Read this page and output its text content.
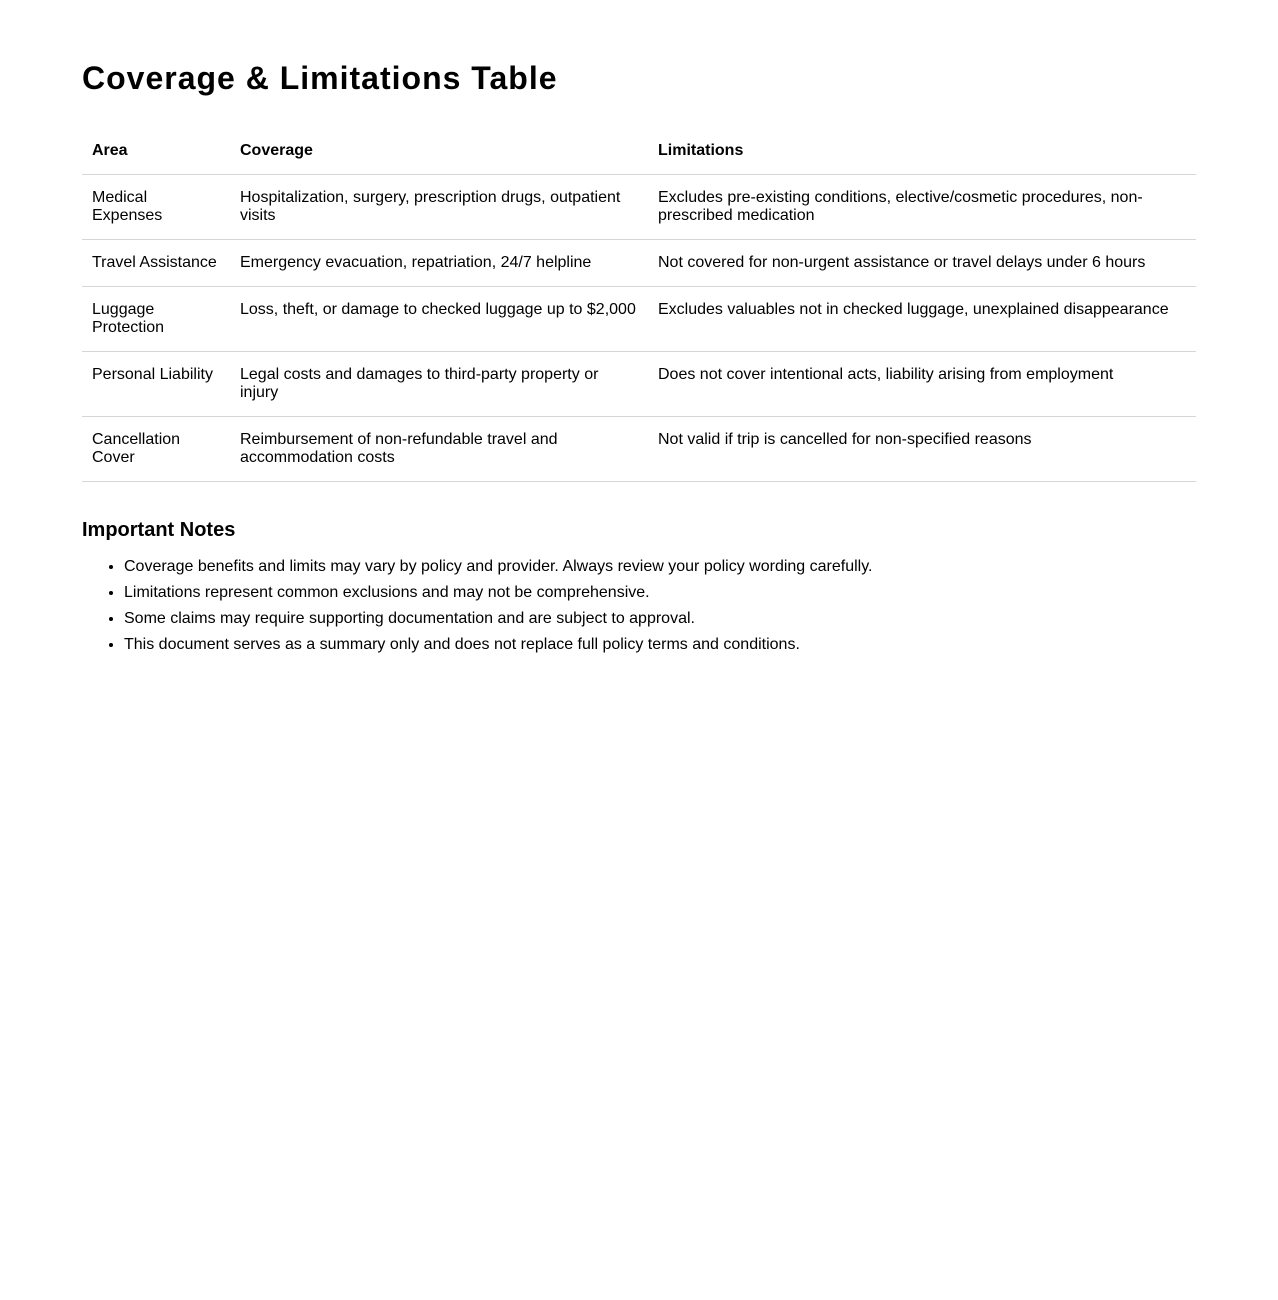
Coverage & Limitations Table
Area	Coverage	Limitations
Medical Expenses	Hospitalization, surgery, prescription drugs, outpatient visits	Excludes pre-existing conditions, elective/cosmetic procedures, non-prescribed medication
Travel Assistance	Emergency evacuation, repatriation, 24/7 helpline	Not covered for non-urgent assistance or travel delays under 6 hours
Luggage Protection	Loss, theft, or damage to checked luggage up to $2,000	Excludes valuables not in checked luggage, unexplained disappearance
Personal Liability	Legal costs and damages to third-party property or injury	Does not cover intentional acts, liability arising from employment
Cancellation Cover	Reimbursement of non-refundable travel and accommodation costs	Not valid if trip is cancelled for non-specified reasons
Important Notes
• Coverage benefits and limits may vary by policy and provider. Always review your policy wording carefully.
• Limitations represent common exclusions and may not be comprehensive.
• Some claims may require supporting documentation and are subject to approval.
• This document serves as a summary only and does not replace full policy terms and conditions.
